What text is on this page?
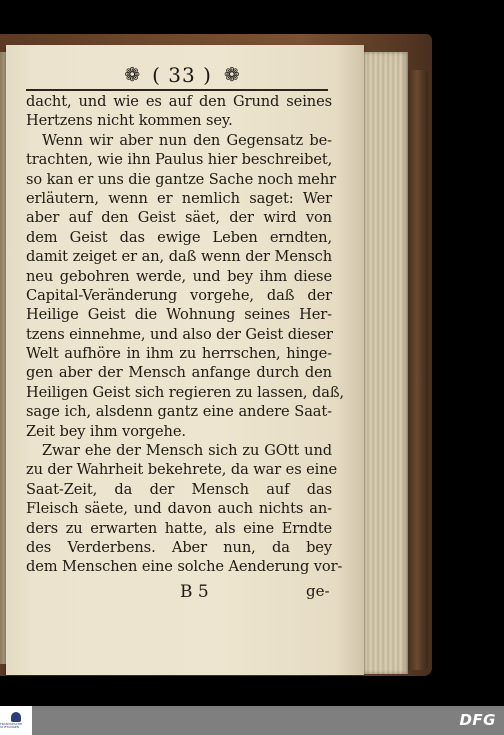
❁ ( 33 ) ❁
dacht, und wie es auf den Grund seines
Hertzens nicht kommen sey.
Wenn wir aber nun den Gegensatz be-
trachten, wie ihn Paulus hier beschreibet,
so kan er uns die gantze Sache noch mehr
erläutern, wenn er nemlich saget: Wer
aber auf den Geist säet, der wird von
dem Geist das ewige Leben erndten,
damit zeiget er an, daß wenn der Mensch
neu gebohren werde, und bey ihm diese
Capital-Veränderung vorgehe, daß der
Heilige Geist die Wohnung seines Her-
tzens einnehme, und also der Geist dieser
Welt aufhöre in ihm zu herrschen, hinge-
gen aber der Mensch anfange durch den
Heiligen Geist sich regieren zu lassen, daß,
sage ich, alsdenn gantz eine andere Saat-
Zeit bey ihm vorgehe.
Zwar ehe der Mensch sich zu GOtt und
zu der Wahrheit bekehrete, da war es eine
Saat-Zeit, da der Mensch auf das
Fleisch säete, und davon auch nichts an-
ders zu erwarten hatte, als eine Erndte
des Verderbens. Aber nun, da bey
dem Menschen eine solche Aenderung vor-
B 5	ge-
FRANCKESCHE STIFTUNGEN	DFG
